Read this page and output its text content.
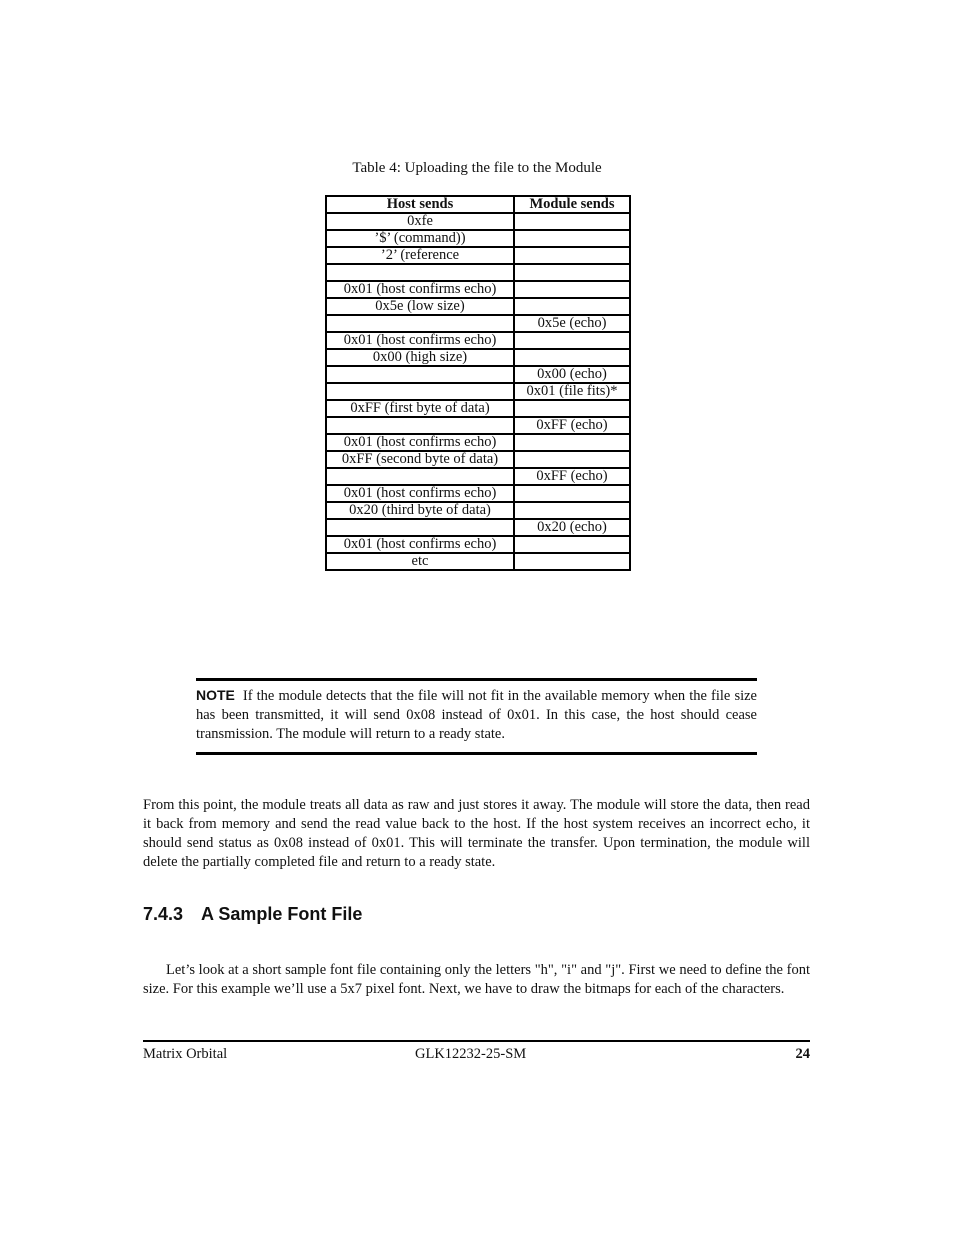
Table 4: Uploading the file to the Module
Host sends	Module sends
0xfe	
’$’ (command))	
’2’ (reference	

0x01 (host confirms echo)	
0x5e (low size)	
	0x5e (echo)
0x01 (host confirms echo)	
0x00 (high size)	
	0x00 (echo)
	0x01 (file fits)*
0xFF (first byte of data)	
	0xFF (echo)
0x01 (host confirms echo)	
0xFF (second byte of data)	
	0xFF (echo)
0x01 (host confirms echo)	
0x20 (third byte of data)	
	0x20 (echo)
0x01 (host confirms echo)	
etc	
NOTE If the module detects that the file will not fit in the available memory when the file size has been transmitted, it will send 0x08 instead of 0x01. In this case, the host should cease transmission. The module will return to a ready state.
From this point, the module treats all data as raw and just stores it away. The module will store the data, then read it back from memory and send the read value back to the host. If the host system receives an incorrect echo, it should send status as 0x08 instead of 0x01. This will terminate the transfer. Upon termination, the module will delete the partially completed file and return to a ready state.
7.4.3 A Sample Font File
Let’s look at a short sample font file containing only the letters "h", "i" and "j". First we need to define the font size. For this example we’ll use a 5x7 pixel font. Next, we have to draw the bitmaps for each of the characters.
Matrix Orbital	GLK12232-25-SM	24
